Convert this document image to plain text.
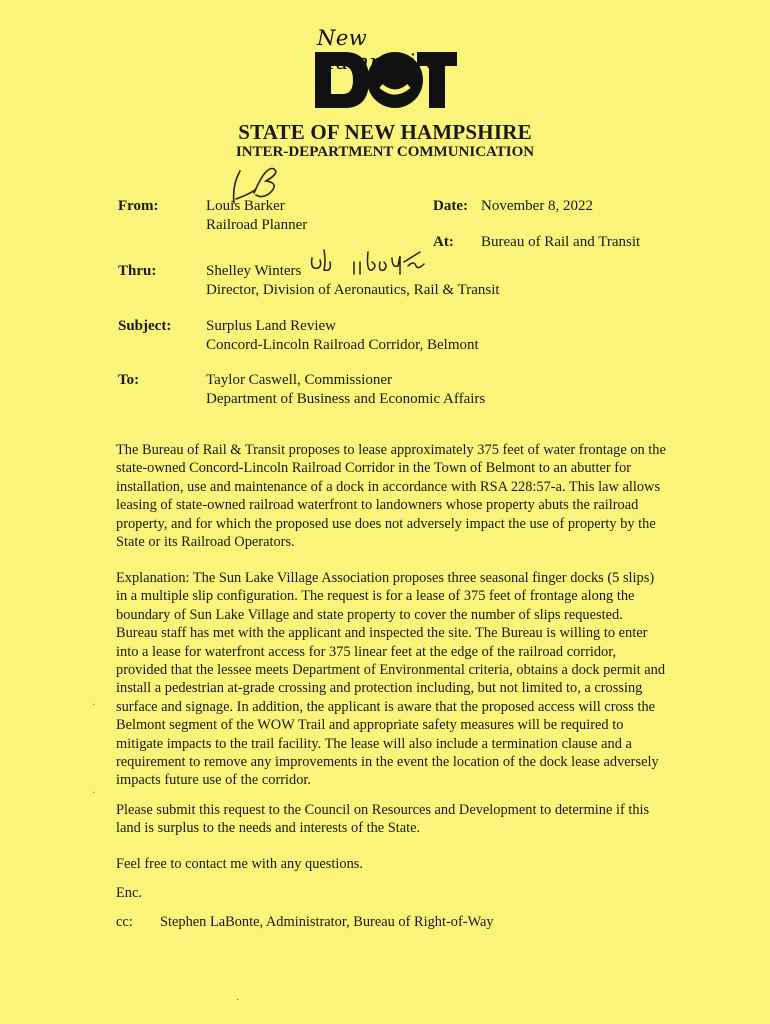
New
STATE OF NEW HAMPSHIRE
INTER-DEPARTMENT COMMUNICATION
From:	Louis Barker
Railroad Planner
Date: November 8, 2022
At: Bureau of Rail and Transit
Thru:	Shelley Winters
Director, Division of Aeronautics, Rail & Transit
Subject: Surplus Land Review
Concord-Lincoln Railroad Corridor, Belmont
To:	Taylor Caswell, Commissioner
Department of Business and Economic Affairs

The Bureau of Rail & Transit proposes to lease approximately 375 feet of water frontage on the state-owned Concord-Lincoln Railroad Corridor in the Town of Belmont to an abutter for installation, use and maintenance of a dock in accordance with RSA 228:57-a. This law allows leasing of state-owned railroad waterfront to landowners whose property abuts the railroad property, and for which the proposed use does not adversely impact the use of property by the State or its Railroad Operators.

Explanation: The Sun Lake Village Association proposes three seasonal finger docks (5 slips) in a multiple slip configuration. The request is for a lease of 375 feet of frontage along the boundary of Sun Lake Village and state property to cover the number of slips requested. Bureau staff has met with the applicant and inspected the site. The Bureau is willing to enter into a lease for waterfront access for 375 linear feet at the edge of the railroad corridor, provided that the lessee meets Department of Environmental criteria, obtains a dock permit and install a pedestrian at-grade crossing and protection including, but not limited to, a crossing surface and signage. In addition, the applicant is aware that the proposed access will cross the Belmont segment of the WOW Trail and appropriate safety measures will be required to mitigate impacts to the trail facility. The lease will also include a termination clause and a requirement to remove any improvements in the event the location of the dock lease adversely impacts future use of the corridor.

Please submit this request to the Council on Resources and Development to determine if this land is surplus to the needs and interests of the State.

Feel free to contact me with any questions.

Enc.

cc: Stephen LaBonte, Administrator, Bureau of Right-of-Way
·
·
·
